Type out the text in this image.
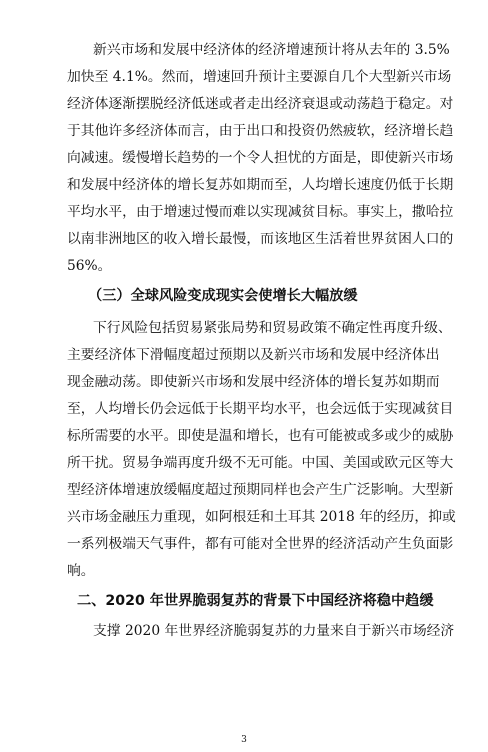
新兴市场和发展中经济体的经济增速预计将从去年的 3.5%
加快至 4.1%。然而，增速回升预计主要源自几个大型新兴市场
经济体逐渐摆脱经济低迷或者走出经济衰退或动荡趋于稳定。对
于其他许多经济体而言，由于出口和投资仍然疲软，经济增长趋
向减速。缓慢增长趋势的一个令人担忧的方面是，即使新兴市场
和发展中经济体的增长复苏如期而至，人均增长速度仍低于长期
平均水平，由于增速过慢而难以实现减贫目标。事实上，撒哈拉
以南非洲地区的收入增长最慢，而该地区生活着世界贫困人口的
56%。
（三）全球风险变成现实会使增长大幅放缓
下行风险包括贸易紧张局势和贸易政策不确定性再度升级、
主要经济体下滑幅度超过预期以及新兴市场和发展中经济体出
现金融动荡。即使新兴市场和发展中经济体的增长复苏如期而
至，人均增长仍会远低于长期平均水平，也会远低于实现减贫目
标所需要的水平。即使是温和增长，也有可能被或多或少的威胁
所干扰。贸易争端再度升级不无可能。中国、美国或欧元区等大
型经济体增速放缓幅度超过预期同样也会产生广泛影响。大型新
兴市场金融压力重现，如阿根廷和土耳其 2018 年的经历，抑或
一系列极端天气事件，都有可能对全世界的经济活动产生负面影
响。
二、2020 年世界脆弱复苏的背景下中国经济将稳中趋缓
支撑 2020 年世界经济脆弱复苏的力量来自于新兴市场经济
3
